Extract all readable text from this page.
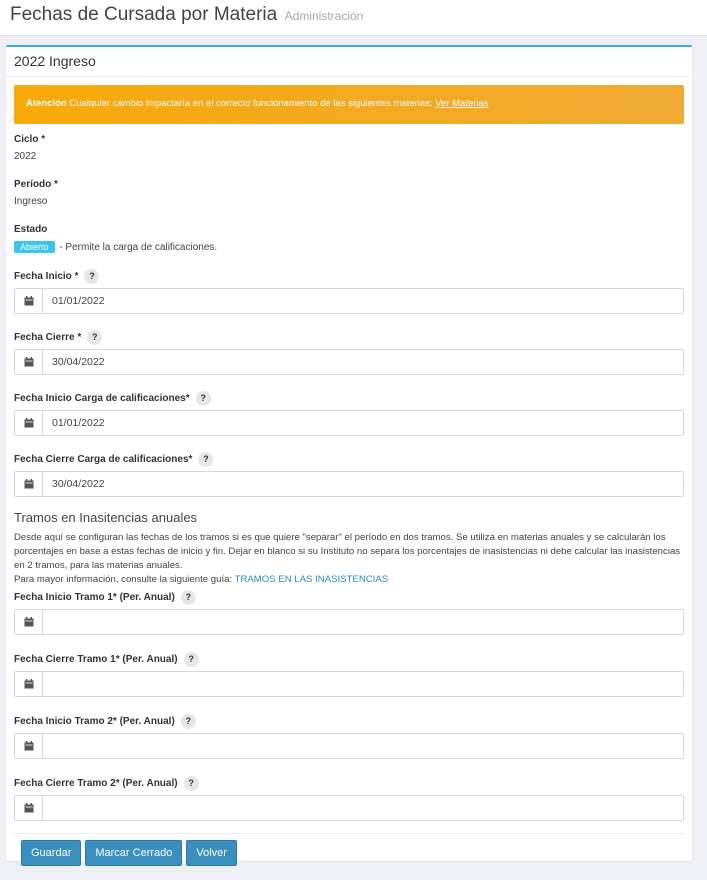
Fechas de Cursada por Materia Administración
2022 Ingreso
Atención Cualquier cambio impactaría en el correcto funcionamiento de las siguientes materias: Ver Materias
Ciclo *
2022
Período *
Ingreso
Estado
Abierto - Permite la carga de calificaciones.
Fecha Inicio *	?
01/01/2022
Fecha Cierre *	?
30/04/2022
Fecha Inicio Carga de calificaciones*	?
01/01/2022
Fecha Cierre Carga de calificaciones*	?
30/04/2022
Tramos en Inasitencias anuales
Desde aquí se configuran las fechas de los tramos si es que quiere "separar" el período en dos tramos. Se utiliza en materias anuales y se calcularán los porcentajes en base a estas fechas de inicio y fin. Dejar en blanco si su Instituto no separa los porcentajes de inasistencias ni debe calcular las inasistencias en 2 tramos, para las materias anuales.
Para mayor información, consulte la siguiente guía: TRAMOS EN LAS INASISTENCIAS
Fecha Inicio Tramo 1* (Per. Anual)	?
Fecha Cierre Tramo 1* (Per. Anual)	?
Fecha Inicio Tramo 2* (Per. Anual)	?
Fecha Cierre Tramo 2* (Per. Anual)	?
Guardar	Marcar Cerrado	Volver
